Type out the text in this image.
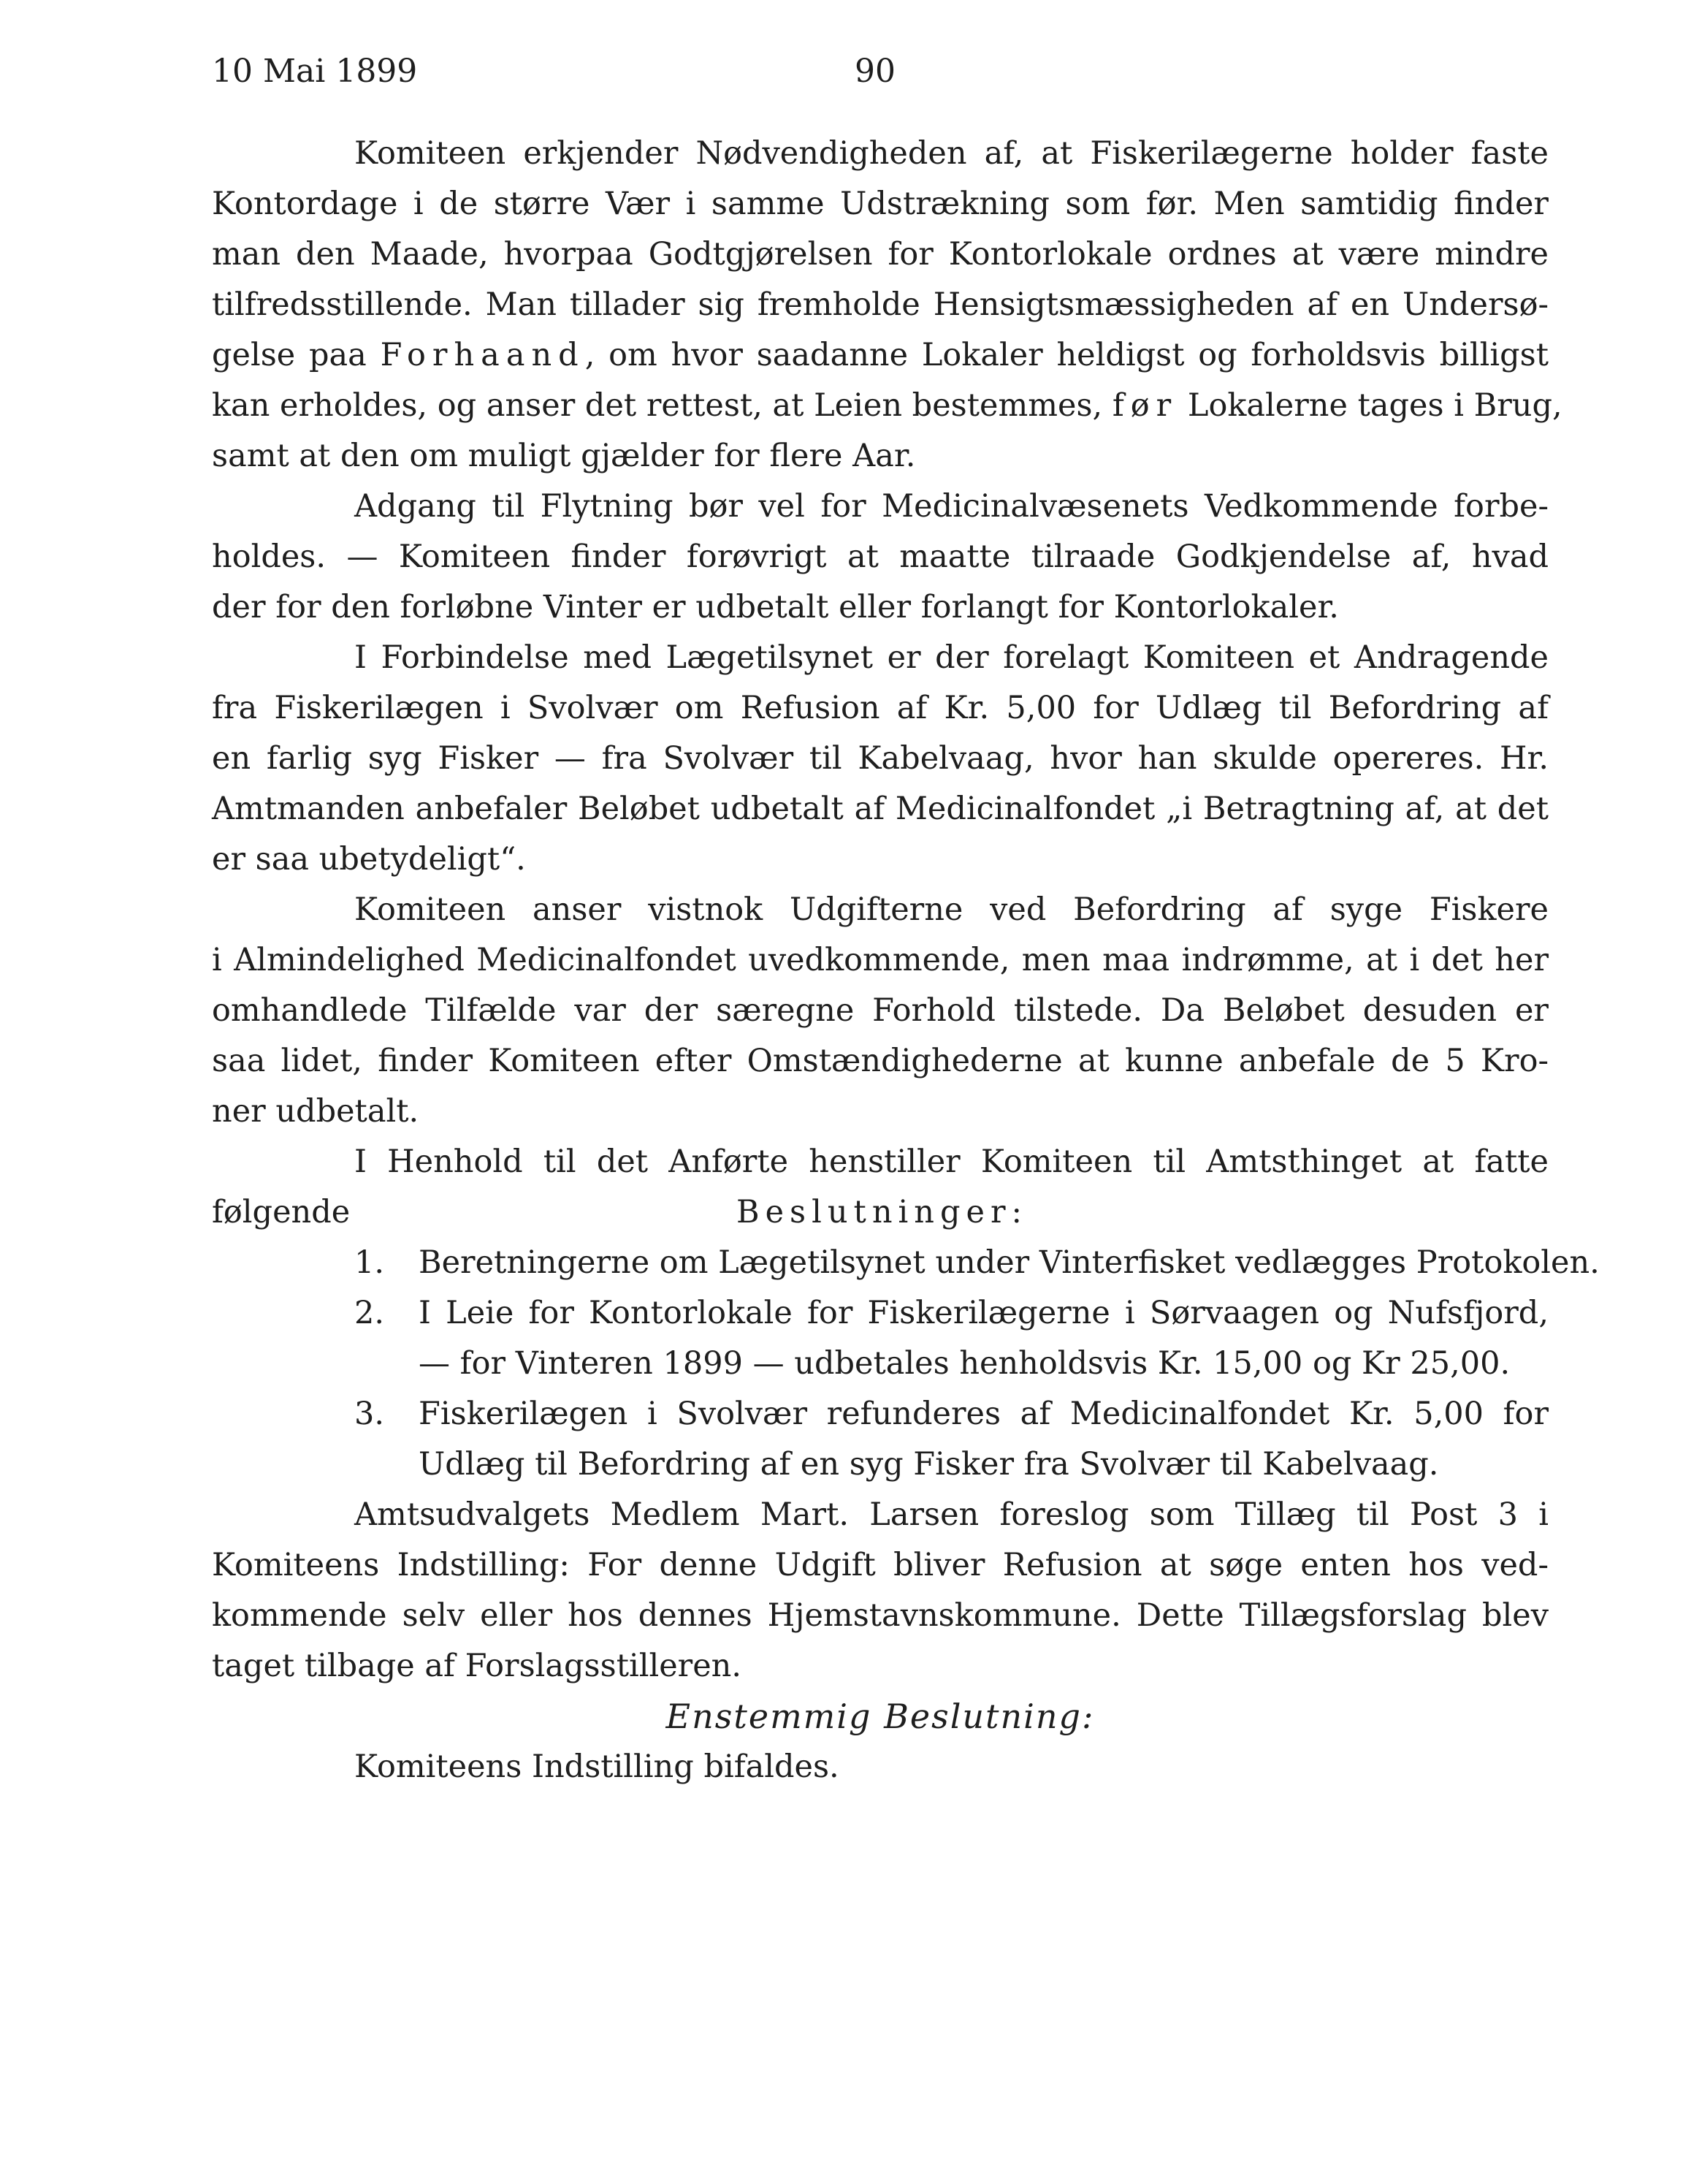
10 Mai 1899	90
Komiteen erkjender Nødvendigheden af, at Fiskerilægerne holder faste
Kontordage i de større Vær i samme Udstrækning som før. Men samtidig finder
man den Maade, hvorpaa Godtgjørelsen for Kontorlokale ordnes at være mindre
tilfredsstillende. Man tillader sig fremholde Hensigtsmæssigheden af en Undersø-
gelse paa Forhaand, om hvor saadanne Lokaler heldigst og forholdsvis billigst
kan erholdes, og anser det rettest, at Leien bestemmes, før Lokalerne tages i Brug,
samt at den om muligt gjælder for flere Aar.
Adgang til Flytning bør vel for Medicinalvæsenets Vedkommende forbe-
holdes. — Komiteen finder forøvrigt at maatte tilraade Godkjendelse af, hvad
der for den forløbne Vinter er udbetalt eller forlangt for Kontorlokaler.
I Forbindelse med Lægetilsynet er der forelagt Komiteen et Andragende
fra Fiskerilægen i Svolvær om Refusion af Kr. 5,00 for Udlæg til Befordring af
en farlig syg Fisker — fra Svolvær til Kabelvaag, hvor han skulde opereres. Hr.
Amtmanden anbefaler Beløbet udbetalt af Medicinalfondet „i Betragtning af, at det
er saa ubetydeligt“.
Komiteen anser vistnok Udgifterne ved Befordring af syge Fiskere
i Almindelighed Medicinalfondet uvedkommende, men maa indrømme, at i det her
omhandlede Tilfælde var der særegne Forhold tilstede. Da Beløbet desuden er
saa lidet, finder Komiteen efter Omstændighederne at kunne anbefale de 5 Kro-
ner udbetalt.
I Henhold til det Anførte henstiller Komiteen til Amtsthinget at fatte
følgende	Beslutninger:
1. Beretningerne om Lægetilsynet under Vinterfisket vedlægges Protokolen.
2. I Leie for Kontorlokale for Fiskerilægerne i Sørvaagen og Nufsfjord,
— for Vinteren 1899 — udbetales henholdsvis Kr. 15,00 og Kr 25,00.
3. Fiskerilægen i Svolvær refunderes af Medicinalfondet Kr. 5,00 for
Udlæg til Befordring af en syg Fisker fra Svolvær til Kabelvaag.
Amtsudvalgets Medlem Mart. Larsen foreslog som Tillæg til Post 3 i
Komiteens Indstilling: For denne Udgift bliver Refusion at søge enten hos ved-
kommende selv eller hos dennes Hjemstavnskommune. Dette Tillægsforslag blev
taget tilbage af Forslagsstilleren.
Enstemmig Beslutning:
Komiteens Indstilling bifaldes.
